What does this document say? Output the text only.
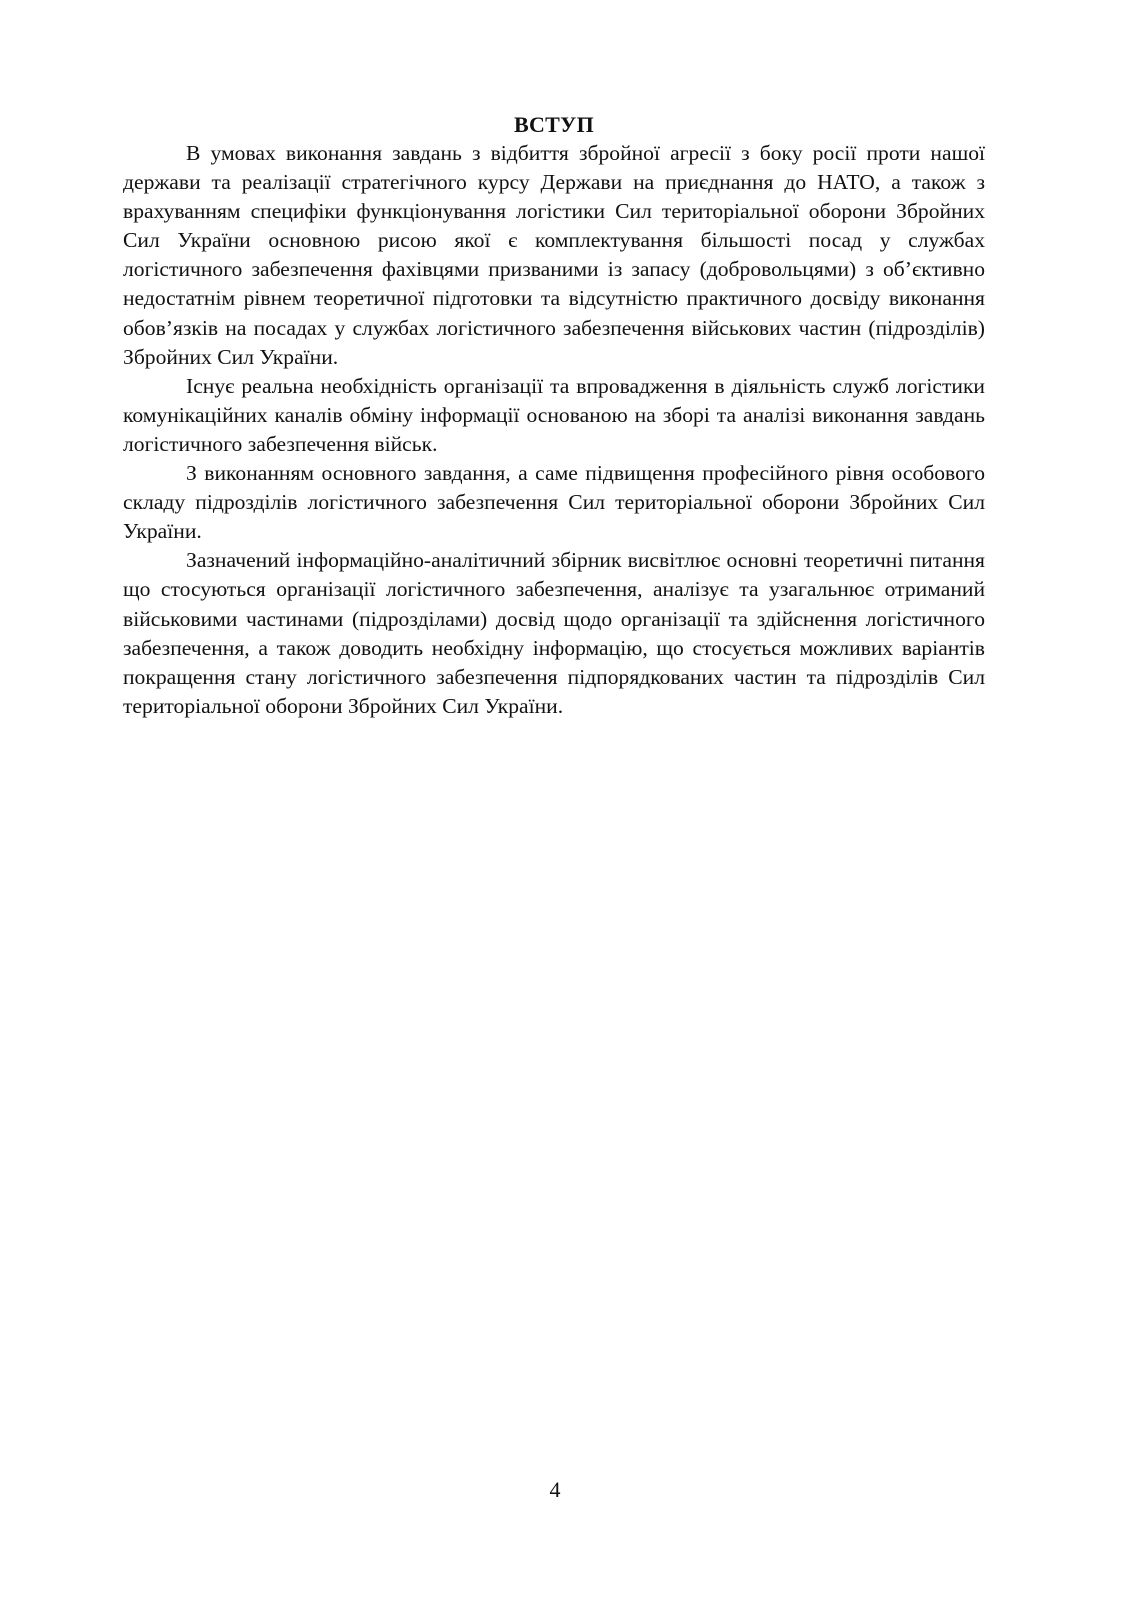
ВСТУП

В умовах виконання завдань з відбиття збройної агресії з боку росії проти нашої держави та реалізації стратегічного курсу Держави на приєднання до НАТО, а також з врахуванням специфіки функціонування логістики Сил територіальної оборони Збройних Сил України основною рисою якої є комплектування більшості посад у службах логістичного забезпечення фахівцями призваними із запасу (добровольцями) з об’єктивно недостатнім рівнем теоретичної підготовки та відсутністю практичного досвіду виконання обов’язків на посадах у службах логістичного забезпечення військових частин (підрозділів) Збройних Сил України.

Існує реальна необхідність організації та впровадження в діяльність служб логістики комунікаційних каналів обміну інформації основаною на зборі та аналізі виконання завдань логістичного забезпечення військ.

З виконанням основного завдання, а саме підвищення професійного рівня особового складу підрозділів логістичного забезпечення Сил територіальної оборони Збройних Сил України.

Зазначений інформаційно-аналітичний збірник висвітлює основні теоретичні питання що стосуються організації логістичного забезпечення, аналізує та узагальнює отриманий військовими частинами (підрозділами) досвід щодо організації та здійснення логістичного забезпечення, а також доводить необхідну інформацію, що стосується можливих варіантів покращення стану логістичного забезпечення підпорядкованих частин та підрозділів Сил територіальної оборони Збройних Сил України.

4
